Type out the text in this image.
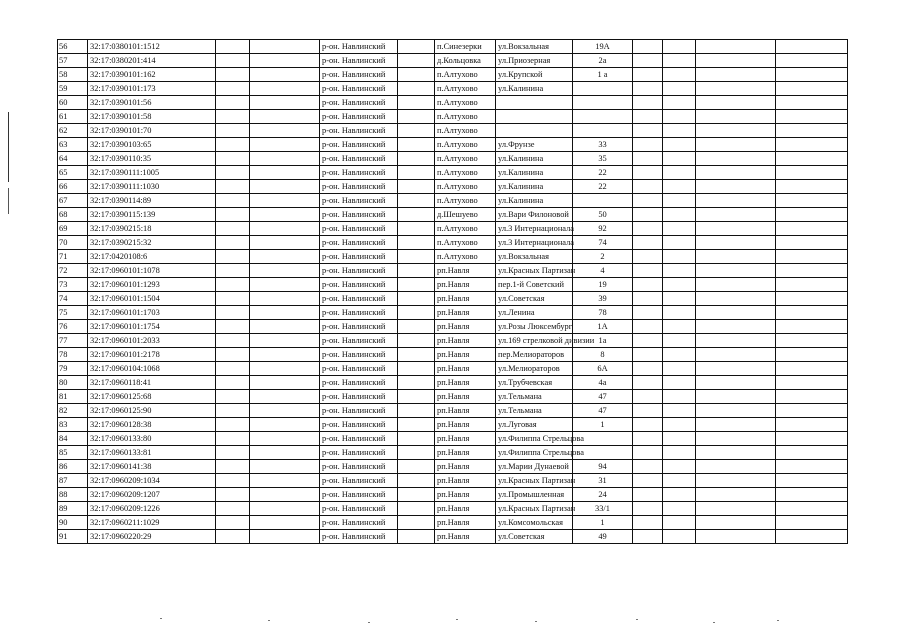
56	32:17:0380101:1512			р-он. Навлинский		п.Синезерки	ул.Вокзальная	19А				
57	32:17:0380201:414			р-он. Навлинский		д.Кольцовка	ул.Приозерная	2а				
58	32:17:0390101:162			р-он. Навлинский		п.Алтухово	ул.Крупской	1 а				
59	32:17:0390101:173			р-он. Навлинский		п.Алтухово	ул.Калинина					
60	32:17:0390101:56			р-он. Навлинский		п.Алтухово						
61	32:17:0390101:58			р-он. Навлинский		п.Алтухово						
62	32:17:0390101:70			р-он. Навлинский		п.Алтухово						
63	32:17:0390103:65			р-он. Навлинский		п.Алтухово	ул.Фрунзе	33				
64	32:17:0390110:35			р-он. Навлинский		п.Алтухово	ул.Калинина	35				
65	32:17:0390111:1005			р-он. Навлинский		п.Алтухово	ул.Калинина	22				
66	32:17:0390111:1030			р-он. Навлинский		п.Алтухово	ул.Калинина	22				
67	32:17:0390114:89			р-он. Навлинский		п.Алтухово	ул.Калинина					
68	32:17:0390115:139			р-он. Навлинский		д.Шешуево	ул.Вари Филоновой	50				
69	32:17:0390215:18			р-он. Навлинский		п.Алтухово	ул.3 Интернационала	92				
70	32:17:0390215:32			р-он. Навлинский		п.Алтухово	ул.3 Интернационала	74				
71	32:17:0420108:6			р-он. Навлинский		п.Алтухово	ул.Вокзальная	2				
72	32:17:0960101:1078			р-он. Навлинский		рп.Навля	ул.Красных Партизан	4				
73	32:17:0960101:1293			р-он. Навлинский		рп.Навля	пер.1-й Советский	19				
74	32:17:0960101:1504			р-он. Навлинский		рп.Навля	ул.Советская	39				
75	32:17:0960101:1703			р-он. Навлинский		рп.Навля	ул.Ленина	78				
76	32:17:0960101:1754			р-он. Навлинский		рп.Навля	ул.Розы Люксембург	1А				
77	32:17:0960101:2033			р-он. Навлинский		рп.Навля	ул.169 стрелковой дивизии	1а				
78	32:17:0960101:2178			р-он. Навлинский		рп.Навля	пер.Мелиораторов	8				
79	32:17:0960104:1068			р-он. Навлинский		рп.Навля	ул.Мелиораторов	6А				
80	32:17:0960118:41			р-он. Навлинский		рп.Навля	ул.Трубчевская	4а				
81	32:17:0960125:68			р-он. Навлинский		рп.Навля	ул.Тельмана	47				
82	32:17:0960125:90			р-он. Навлинский		рп.Навля	ул.Тельмана	47				
83	32:17:0960128:38			р-он. Навлинский		рп.Навля	ул.Луговая	1				
84	32:17:0960133:80			р-он. Навлинский		рп.Навля	ул.Филиппа Стрельцова					
85	32:17:0960133:81			р-он. Навлинский		рп.Навля	ул.Филиппа Стрельцова					
86	32:17:0960141:38			р-он. Навлинский		рп.Навля	ул.Марии Дунаевой	94				
87	32:17:0960209:1034			р-он. Навлинский		рп.Навля	ул.Красных Партизан	31				
88	32:17:0960209:1207			р-он. Навлинский		рп.Навля	ул.Промышленная	24				
89	32:17:0960209:1226			р-он. Навлинский		рп.Навля	ул.Красных Партизан	33/1				
90	32:17:0960211:1029			р-он. Навлинский		рп.Навля	ул.Комсомольская	1				
91	32:17:0960220:29			р-он. Навлинский		рп.Навля	ул.Советская	49				
